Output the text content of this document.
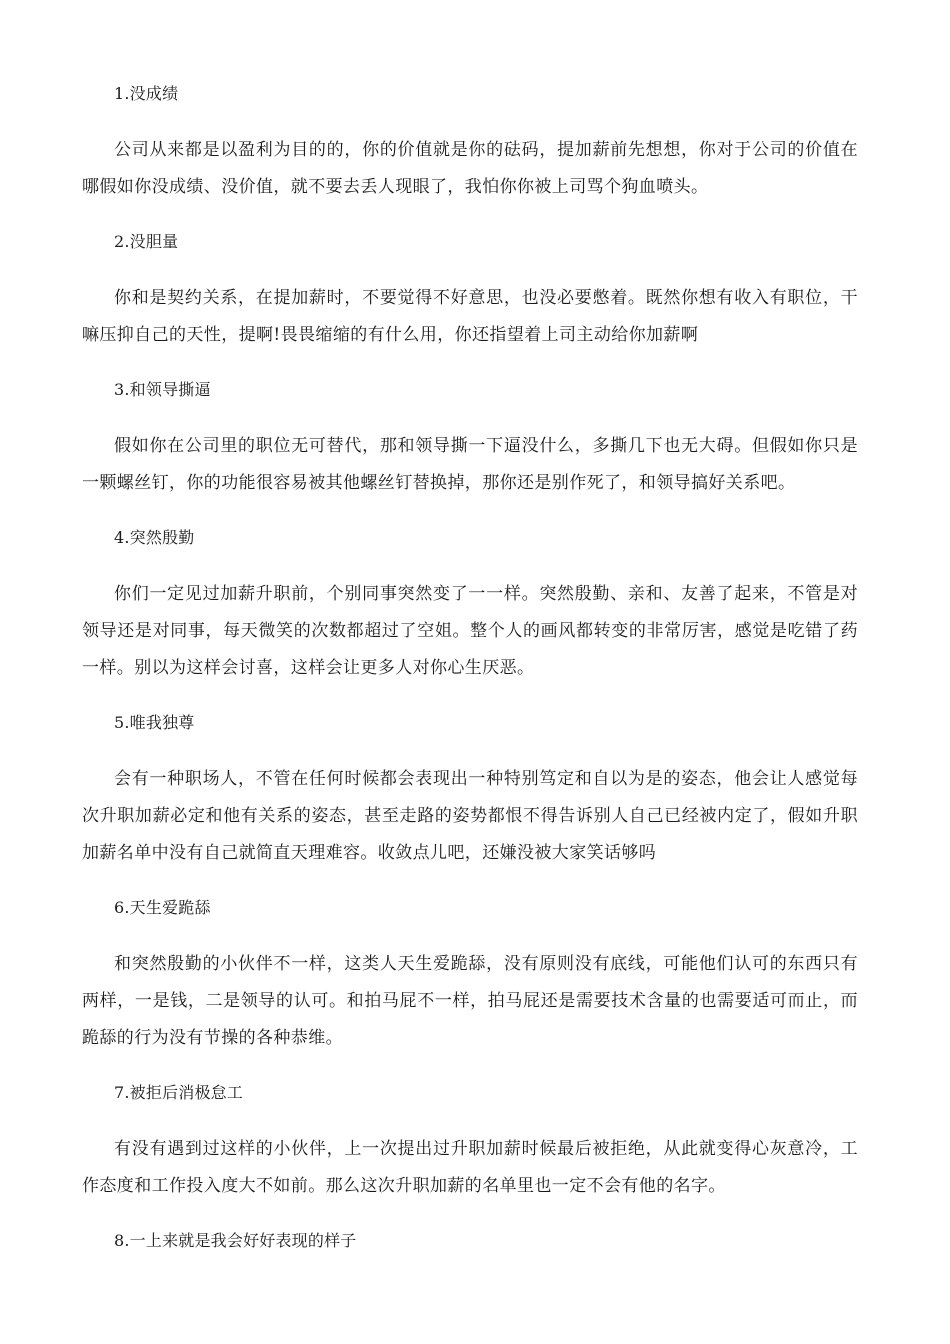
1.没成绩

公司从来都是以盈利为目的的，你的价值就是你的砝码，提加薪前先想想，你对于公司的价值在哪假如你没成绩、没价值，就不要去丢人现眼了，我怕你你被上司骂个狗血喷头。

2.没胆量

你和是契约关系，在提加薪时，不要觉得不好意思，也没必要憋着。既然你想有收入有职位，干嘛压抑自己的天性，提啊!畏畏缩缩的有什么用，你还指望着上司主动给你加薪啊

3.和领导撕逼

假如你在公司里的职位无可替代，那和领导撕一下逼没什么，多撕几下也无大碍。但假如你只是一颗螺丝钉，你的功能很容易被其他螺丝钉替换掉，那你还是别作死了，和领导搞好关系吧。

4.突然殷勤

你们一定见过加薪升职前，个别同事突然变了一一样。突然殷勤、亲和、友善了起来，不管是对领导还是对同事，每天微笑的次数都超过了空姐。整个人的画风都转变的非常厉害，感觉是吃错了药一样。别以为这样会讨喜，这样会让更多人对你心生厌恶。

5.唯我独尊

会有一种职场人，不管在任何时候都会表现出一种特别笃定和自以为是的姿态，他会让人感觉每次升职加薪必定和他有关系的姿态，甚至走路的姿势都恨不得告诉别人自己已经被内定了，假如升职加薪名单中没有自己就简直天理难容。收敛点儿吧，还嫌没被大家笑话够吗

6.天生爱跪舔

和突然殷勤的小伙伴不一样，这类人天生爱跪舔，没有原则没有底线，可能他们认可的东西只有两样，一是钱，二是领导的认可。和拍马屁不一样，拍马屁还是需要技术含量的也需要适可而止，而跪舔的行为没有节操的各种恭维。

7.被拒后消极怠工

有没有遇到过这样的小伙伴，上一次提出过升职加薪时候最后被拒绝，从此就变得心灰意冷，工作态度和工作投入度大不如前。那么这次升职加薪的名单里也一定不会有他的名字。

8.一上来就是我会好好表现的样子
